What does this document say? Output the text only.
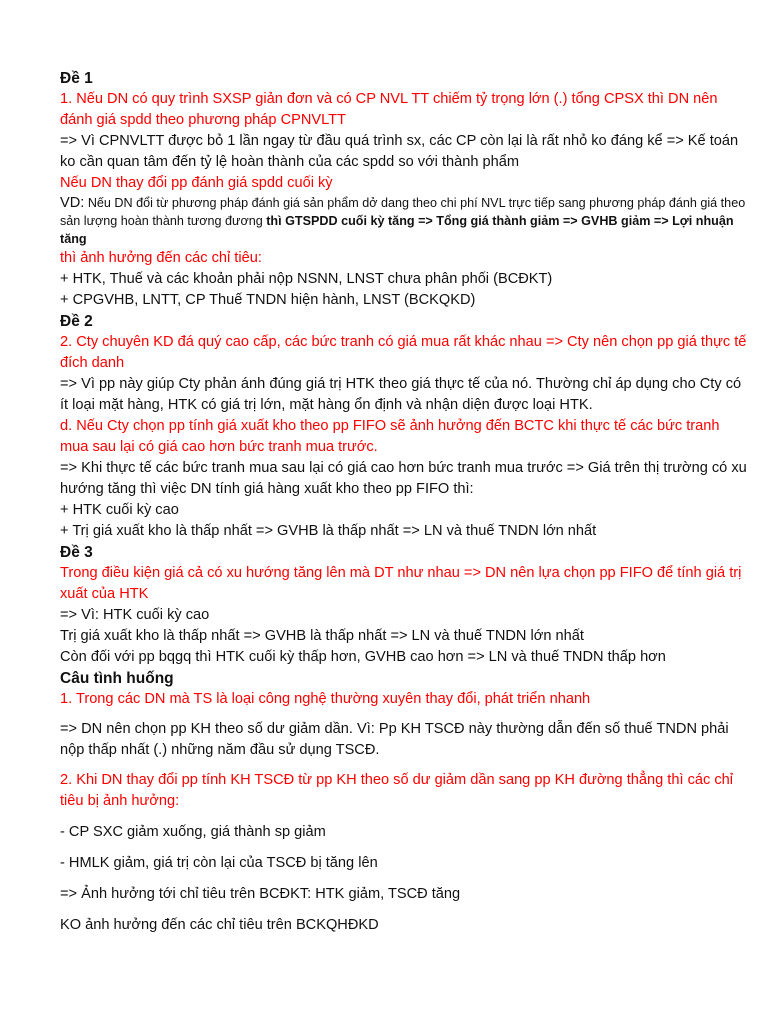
Đề 1

1. Nếu DN có quy trình SXSP giản đơn và có CP NVL TT chiếm tỷ trọng lớn (.) tổng CPSX thì DN nên đánh giá spdd theo phương pháp CPNVLTT

=> Vì CPNVLTT được bỏ 1 lần ngay từ đầu quá trình sx, các CP còn lại là rất nhỏ ko đáng kể => Kế toán ko cần quan tâm đến tỷ lệ hoàn thành của các spdd so với thành phẩm

Nếu DN thay đổi pp đánh giá spdd cuối kỳ

VD: Nếu DN đổi từ phương pháp đánh giá sản phẩm dở dang theo chi phí NVL trực tiếp sang phương pháp đánh giá theo sản lượng hoàn thành tương đương thì GTSPDD cuối kỳ tăng => Tổng giá thành giảm => GVHB giảm => Lợi nhuận tăng

thì ảnh hưởng đến các chỉ tiêu:

+ HTK, Thuế và các khoản phải nộp NSNN, LNST chưa phân phối (BCĐKT)

+ CPGVHB, LNTT, CP Thuế TNDN hiện hành, LNST (BCKQKD)

Đề 2

2. Cty chuyên KD đá quý cao cấp, các bức tranh có giá mua rất khác nhau => Cty nên chọn pp giá thực tế đích danh

=> Vì pp này giúp Cty phản ánh đúng giá trị HTK theo giá thực tế của nó. Thường chỉ áp dụng cho Cty có ít loại mặt hàng, HTK có giá trị lớn, mặt hàng ổn định và nhận diện được loại HTK.

d. Nếu Cty chọn pp tính giá xuất kho theo pp FIFO sẽ ảnh hưởng đến BCTC khi thực tế các bức tranh mua sau lại có giá cao hơn bức tranh mua trước.

=> Khi thực tế các bức tranh mua sau lại có giá cao hơn bức tranh mua trước => Giá trên thị trường có xu hướng tăng thì việc DN tính giá hàng xuất kho theo pp FIFO thì:

+ HTK cuối kỳ cao

+ Trị giá xuất kho là thấp nhất => GVHB là thấp nhất => LN và thuế TNDN lớn nhất

Đề 3

Trong điều kiện giá cả có xu hướng tăng lên mà DT như nhau => DN nên lựa chọn pp FIFO để tính giá trị xuất của HTK

=> Vì: HTK cuối kỳ cao

Trị giá xuất kho là thấp nhất => GVHB là thấp nhất => LN và thuế TNDN lớn nhất

Còn đối với pp bqgq thì HTK cuối kỳ thấp hơn, GVHB cao hơn => LN và thuế TNDN thấp hơn

Câu tình huống

1. Trong các DN mà TS là loại công nghệ thường xuyên thay đổi, phát triển nhanh

=> DN nên chọn pp KH theo số dư giảm dần. Vì: Pp KH TSCĐ này thường dẫn đến số thuế TNDN phải nộp thấp nhất (.) những năm đầu sử dụng TSCĐ.

2. Khi DN thay đổi pp tính KH TSCĐ từ pp KH theo số dư giảm dần sang pp KH đường thẳng thì các chỉ tiêu bị ảnh hưởng:

- CP SXC giảm xuống, giá thành sp giảm

- HMLK giảm, giá trị còn lại của TSCĐ bị tăng lên

=> Ảnh hưởng tới chỉ tiêu trên BCĐKT: HTK giảm, TSCĐ tăng

KO ảnh hưởng đến các chỉ tiêu trên BCKQHĐKD
